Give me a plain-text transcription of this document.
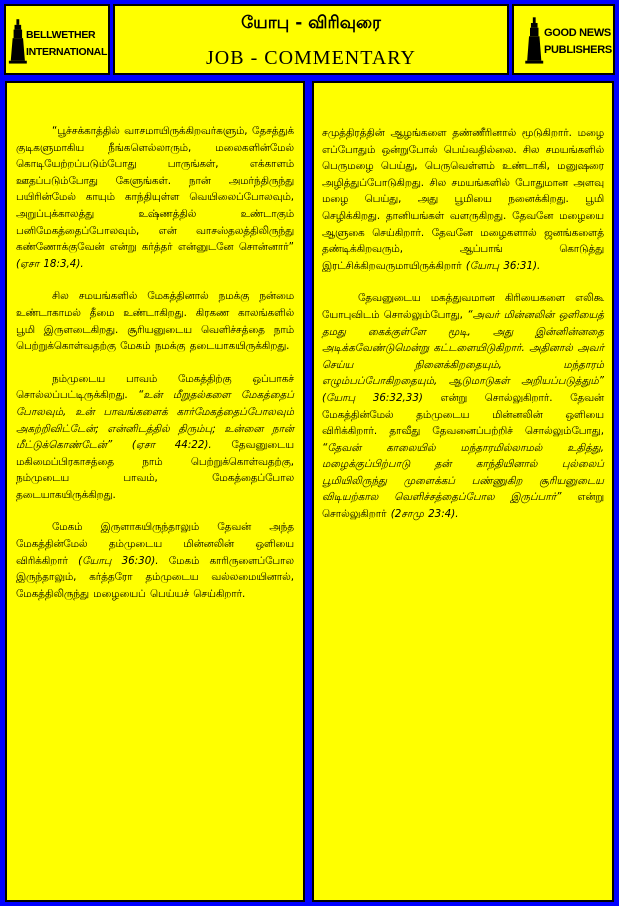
BELLWETHER
INTERNATIONAL
யோபு - விரிவுரை
JOB - COMMENTARY
GOOD NEWS
PUBLISHERS

“பூச்சக்காத்தில் வாசமாயிருக்கிறவர்களும், தேசத்துக் குடிகளுமாகிய நீங்களெல்லாரும், மலைகளின்மேல் கொடியேற்றப்படும்போது பாருங்கள், எக்காளம் ஊதப்படும்போது கேளுங்கள். நான் அமர்ந்திருந்து பயிரின்மேல் காயும் காந்தியுள்ள வெயிலைப்போலவும், அறுப்புக்காலத்து உஷ்ணத்தில் உண்டாகும் பனிமேகத்தைப்போலவும், என் வாசஸ்தலத்திலிருந்து கண்ணோக்குவேன் என்று கர்த்தர் என்னுடனே சொன்னார்” (ஏசா 18:3,4).

சில சமயங்களில் மேகத்தினால் நமக்கு நன்மை உண்டாகாமல் தீமை உண்டாகிறது. கிரகண காலங்களில் பூமி இருளடைகிறது. சூரியனுடைய வெளிச்சத்தை நாம் பெற்றுக்கொள்வதற்கு மேகம் நமக்கு தடையாகயிருக்கிறது.

நம்முடைய பாவம் மேகத்திற்கு ஒப்பாகச் சொல்லப்பட்டிருக்கிறது. “உன் மீறுதல்களை மேகத்தைப் போலவும், உன் பாவங்களைக் கார்மேகத்தைப்போலவும் அகற்றிவிட்டேன்; என்னிடத்தில் திரும்பு; உன்னை நான் மீட்டுக்கொண்டேன்” (ஏசா 44:22). தேவனுடைய மகிமைப்பிரகாசத்தை நாம் பெற்றுக்கொள்வதற்கு, நம்முடைய பாவம், மேகத்தைப்போல தடையாகயிருக்கிறது.

மேகம் இருளாகயிருந்தாலும் தேவன் அந்த மேகத்தின்மேல் தம்முடைய மின்னலின் ஒளியை விரிக்கிறார் (யோபு 36:30). மேகம் காரிருளைப்போல இருந்தாலும், கர்த்தரோ தம்முடைய வல்லமையினால், மேகத்திலிருந்து மழையைப் பெய்யச் செய்கிறார்.

சமுத்திரத்தின் ஆழங்களை தண்ணீரினால் மூடுகிறார். மழை எப்போதும் ஒன்றுபோல் பெய்வதில்லை. சில சமயங்களில் பெருமழை பெய்து, பெருவெள்ளம் உண்டாகி, மனுஷரை அழித்துப்போடுகிறது. சில சமயங்களில் போதுமான அளவு மழை பெய்து, அது பூமியை நனைக்கிறது. பூமி செழிக்கிறது. தானியங்கள் வளருகிறது. தேவனே மழையை ஆளுகை செய்கிறார். தேவனே மழைகளால் ஜனங்களைத் தண்டிக்கிறவரும், ஆப்பாங் கொடுத்து இரட்சிக்கிறவருமாயிருக்கிறார் (யோபு 36:31).

தேவனுடைய மகத்துவமான கிரியைகளை எலிகூ யோபுவிடம் சொல்லும்போது, “அவர் மின்னலின் ஒளியைத் தமது கைக்குள்ளே மூடி, அது இன்னின்னதை அடிக்கவேண்டுமென்று கட்டளையிடுகிறார். அதினால் அவர் செய்ய நினைக்கிறதையும், மந்தாரம் எழும்பப்போகிறதையும், ஆடுமாடுகள் அறியப்படுத்தும்” (யோபு 36:32,33) என்று சொல்லுகிறார். தேவன் மேகத்தின்மேல் தம்முடைய மின்னலின் ஒளியை விரிக்கிறார். தாவீது தேவனைப்பற்றிச் சொல்லும்போது, “தேவன் காலையில் மந்தாரமில்லாமல் உதித்து, மழைக்குப்பிற்பாடு தன் காந்தியினால் புல்லைப் பூமியிலிருந்து முளைக்கப் பண்ணுகிற சூரியனுடைய விடியற்கால வெளிச்சத்தைப்போல இருப்பார்” என்று சொல்லுகிறார் (2சாமு 23:4).
